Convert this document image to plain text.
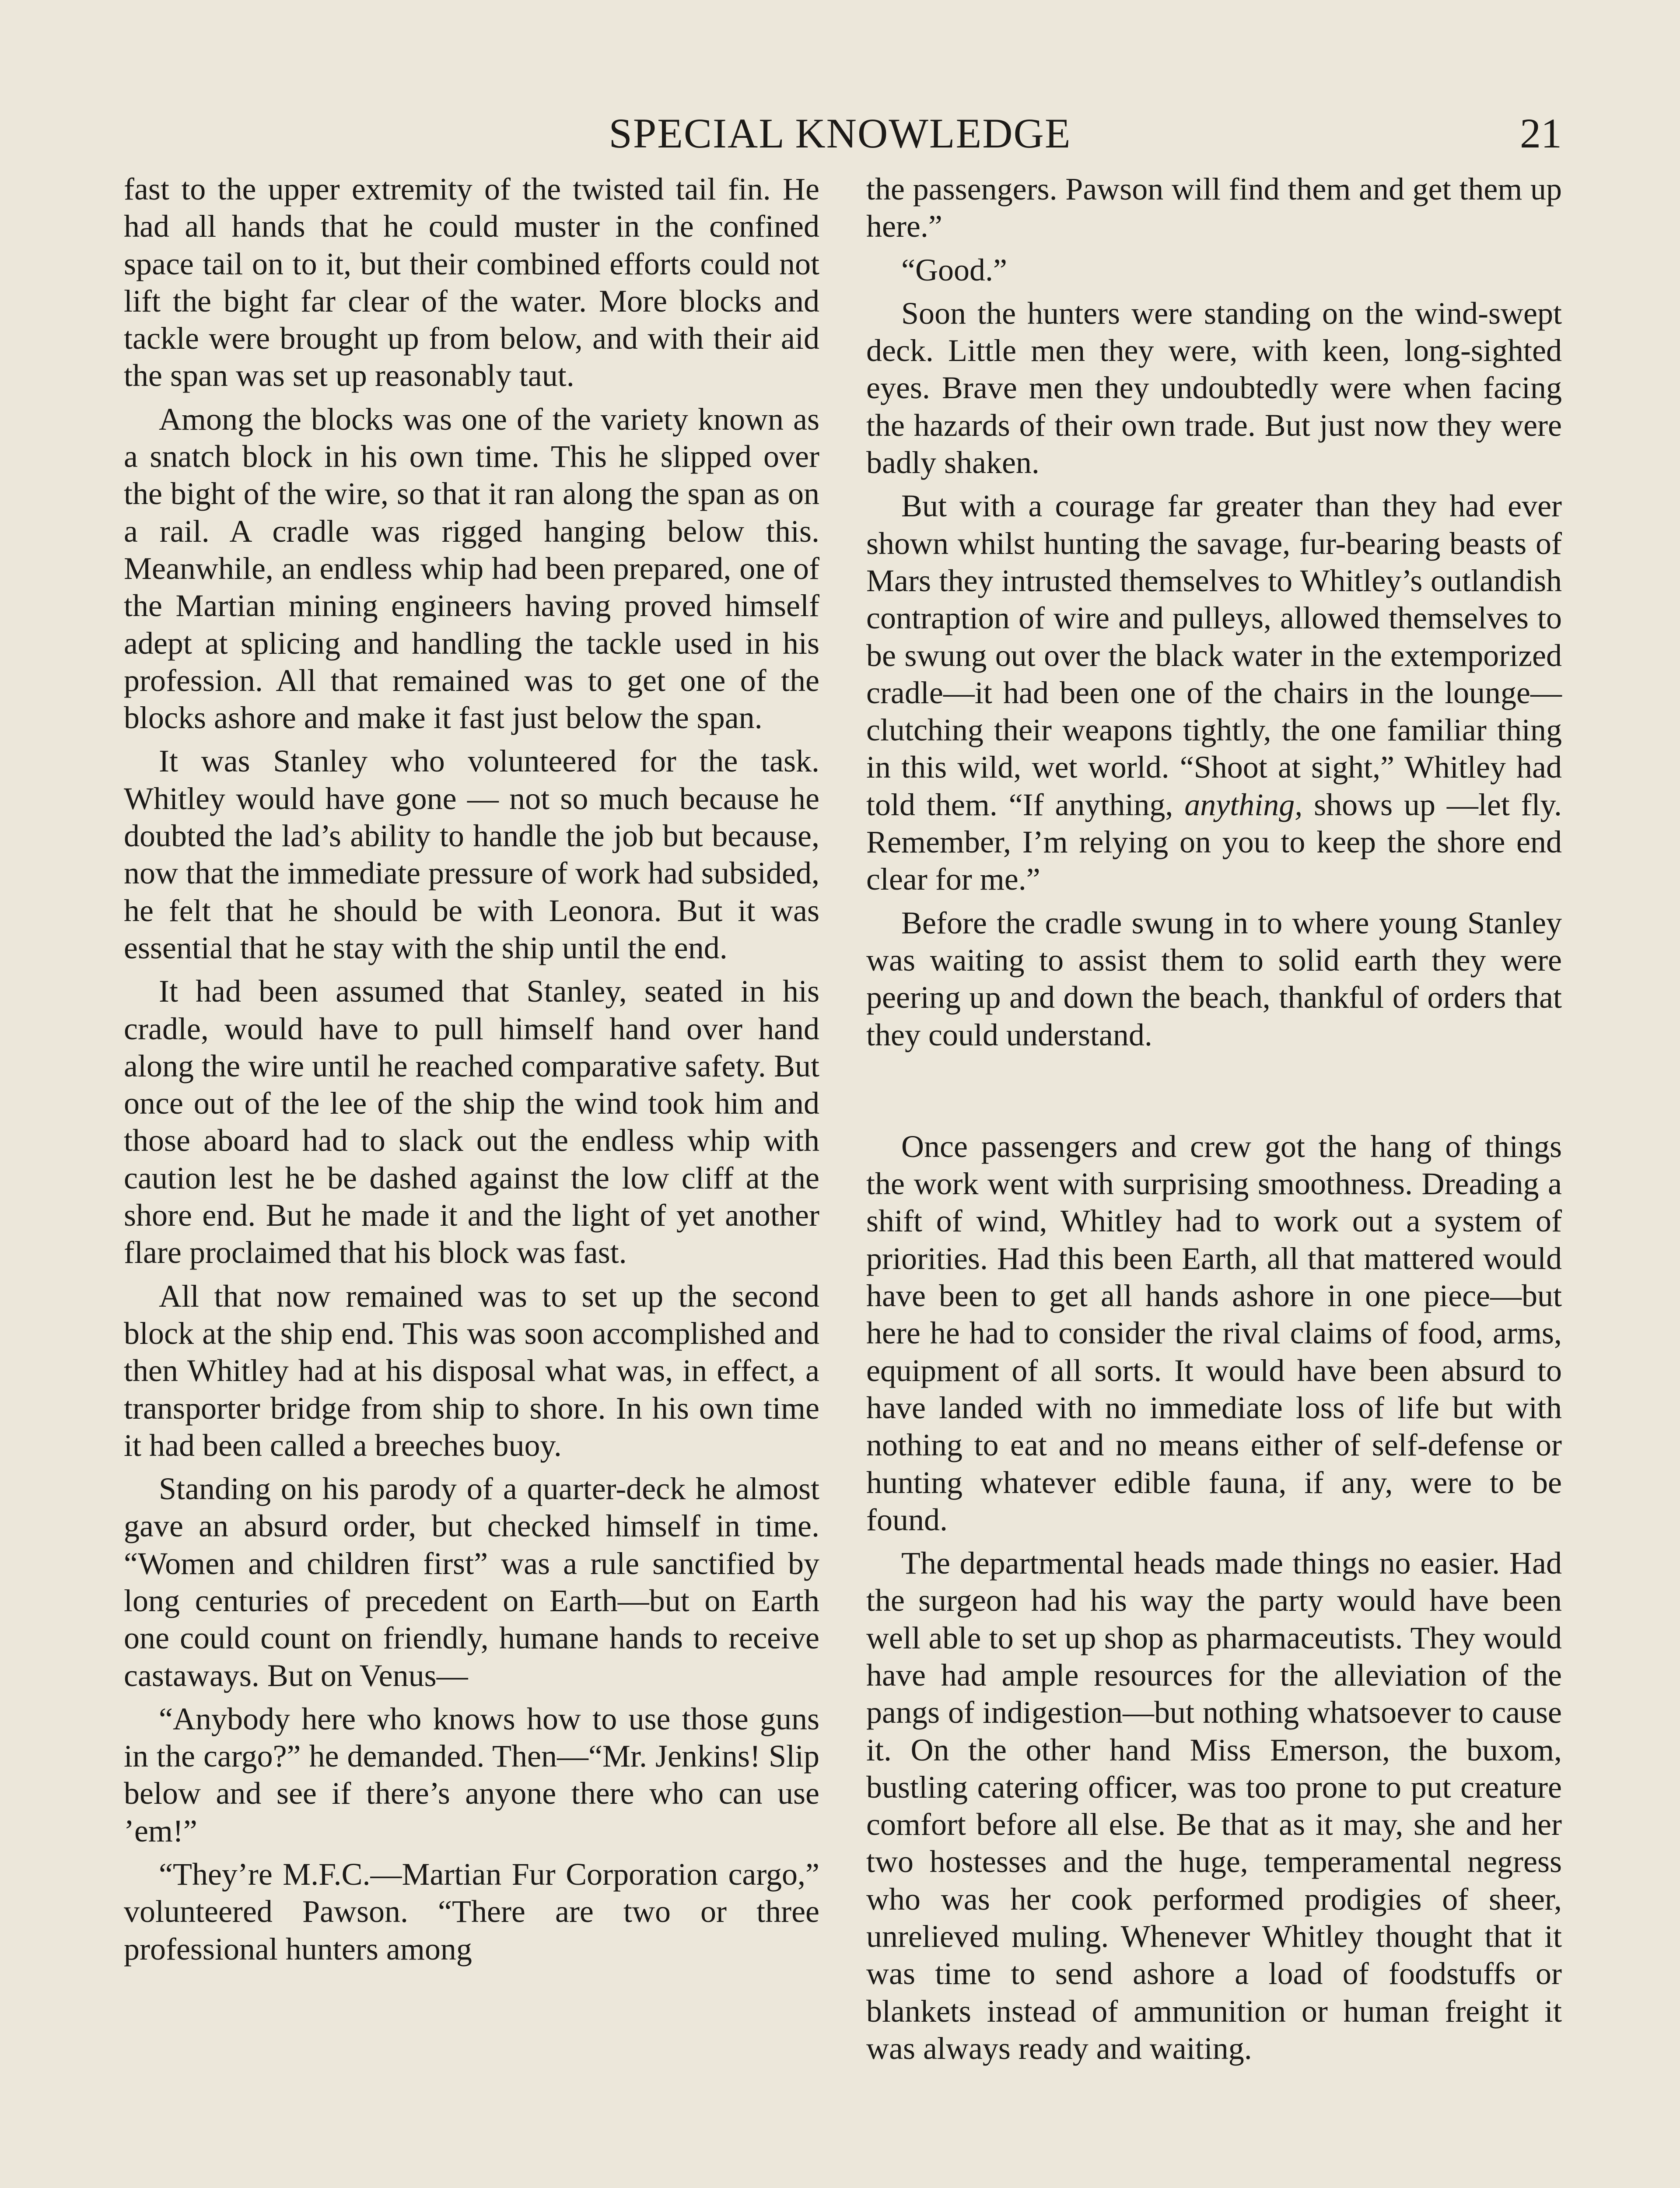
SPECIAL KNOWLEDGE	21

fast to the upper extremity of the twisted tail fin. He had all hands that he could muster in the confined space tail on to it, but their combined efforts could not lift the bight far clear of the water. More blocks and tackle were brought up from below, and with their aid the span was set up reasonably taut.

Among the blocks was one of the variety known as a snatch block in his own time. This he slipped over the bight of the wire, so that it ran along the span as on a rail. A cradle was rigged hanging below this. Meanwhile, an endless whip had been prepared, one of the Martian mining engineers having proved himself adept at splicing and handling the tackle used in his profession. All that remained was to get one of the blocks ashore and make it fast just below the span.

It was Stanley who volunteered for the task. Whitley would have gone — not so much because he doubted the lad’s ability to handle the job but because, now that the immediate pressure of work had subsided, he felt that he should be with Leonora. But it was essential that he stay with the ship until the end.

It had been assumed that Stanley, seated in his cradle, would have to pull himself hand over hand along the wire until he reached comparative safety. But once out of the lee of the ship the wind took him and those aboard had to slack out the endless whip with caution lest he be dashed against the low cliff at the shore end. But he made it and the light of yet another flare proclaimed that his block was fast.

All that now remained was to set up the second block at the ship end. This was soon accomplished and then Whitley had at his disposal what was, in effect, a transporter bridge from ship to shore. In his own time it had been called a breeches buoy.

Standing on his parody of a quarter-deck he almost gave an absurd order, but checked himself in time. “Women and children first” was a rule sanctified by long centuries of precedent on Earth—but on Earth one could count on friendly, humane hands to receive castaways. But on Venus—

“Anybody here who knows how to use those guns in the cargo?” he demanded. Then—“Mr. Jenkins! Slip below and see if there’s anyone there who can use ’em!”

“They’re M.F.C.—Martian Fur Corporation cargo,” volunteered Pawson. “There are two or three professional hunters among

the passengers. Pawson will find them and get them up here.”

“Good.”

Soon the hunters were standing on the wind-swept deck. Little men they were, with keen, long-sighted eyes. Brave men they undoubtedly were when facing the hazards of their own trade. But just now they were badly shaken.

But with a courage far greater than they had ever shown whilst hunting the savage, fur-bearing beasts of Mars they intrusted themselves to Whitley’s outlandish contraption of wire and pulleys, allowed themselves to be swung out over the black water in the extemporized cradle—it had been one of the chairs in the lounge—clutching their weapons tightly, the one familiar thing in this wild, wet world. “Shoot at sight,” Whitley had told them. “If anything, anything, shows up —let fly. Remember, I’m relying on you to keep the shore end clear for me.”

Before the cradle swung in to where young Stanley was waiting to assist them to solid earth they were peering up and down the beach, thankful of orders that they could understand.

Once passengers and crew got the hang of things the work went with surprising smoothness. Dreading a shift of wind, Whitley had to work out a system of priorities. Had this been Earth, all that mattered would have been to get all hands ashore in one piece—but here he had to consider the rival claims of food, arms, equipment of all sorts. It would have been absurd to have landed with no immediate loss of life but with nothing to eat and no means either of self-defense or hunting whatever edible fauna, if any, were to be found.

The departmental heads made things no easier. Had the surgeon had his way the party would have been well able to set up shop as pharmaceutists. They would have had ample resources for the alleviation of the pangs of indigestion—but nothing whatsoever to cause it. On the other hand Miss Emerson, the buxom, bustling catering officer, was too prone to put creature comfort before all else. Be that as it may, she and her two hostesses and the huge, temperamental negress who was her cook performed prodigies of sheer, unrelieved muling. Whenever Whitley thought that it was time to send ashore a load of foodstuffs or blankets instead of ammunition or human freight it was always ready and waiting.
